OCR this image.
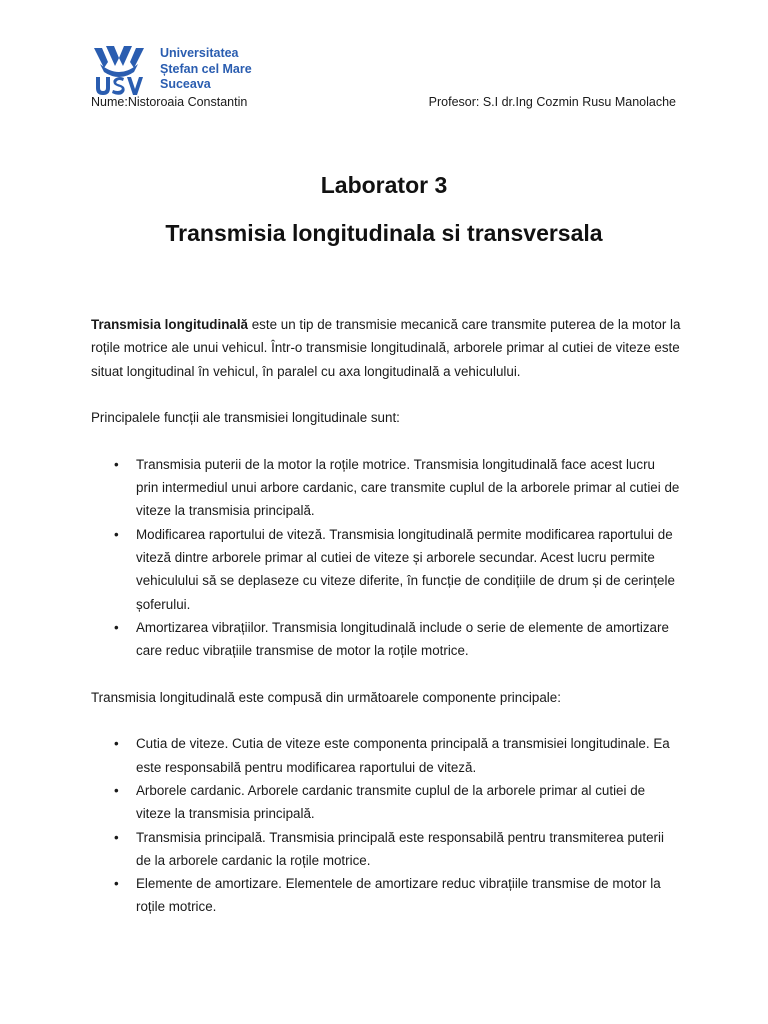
Universitatea
Ștefan cel Mare
Suceava
Nume:Nistoroaia Constantin	Profesor: S.I dr.Ing Cozmin Rusu Manolache
Laborator 3
Transmisia longitudinala si transversala

Transmisia longitudinală este un tip de transmisie mecanică care transmite puterea de la motor la roțile motrice ale unui vehicul. Într-o transmisie longitudinală, arborele primar al cutiei de viteze este situat longitudinal în vehicul, în paralel cu axa longitudinală a vehiculului.

Principalele funcții ale transmisiei longitudinale sunt:

• Transmisia puterii de la motor la roțile motrice. Transmisia longitudinală face acest lucru prin intermediul unui arbore cardanic, care transmite cuplul de la arborele primar al cutiei de viteze la transmisia principală.
• Modificarea raportului de viteză. Transmisia longitudinală permite modificarea raportului de viteză dintre arborele primar al cutiei de viteze și arborele secundar. Acest lucru permite vehiculului să se deplaseze cu viteze diferite, în funcție de condițiile de drum și de cerințele șoferului.
• Amortizarea vibrațiilor. Transmisia longitudinală include o serie de elemente de amortizare care reduc vibrațiile transmise de motor la roțile motrice.

Transmisia longitudinală este compusă din următoarele componente principale:

• Cutia de viteze. Cutia de viteze este componenta principală a transmisiei longitudinale. Ea este responsabilă pentru modificarea raportului de viteză.
• Arborele cardanic. Arborele cardanic transmite cuplul de la arborele primar al cutiei de viteze la transmisia principală.
• Transmisia principală. Transmisia principală este responsabilă pentru transmiterea puterii de la arborele cardanic la roțile motrice.
• Elemente de amortizare. Elementele de amortizare reduc vibrațiile transmise de motor la roțile motrice.
